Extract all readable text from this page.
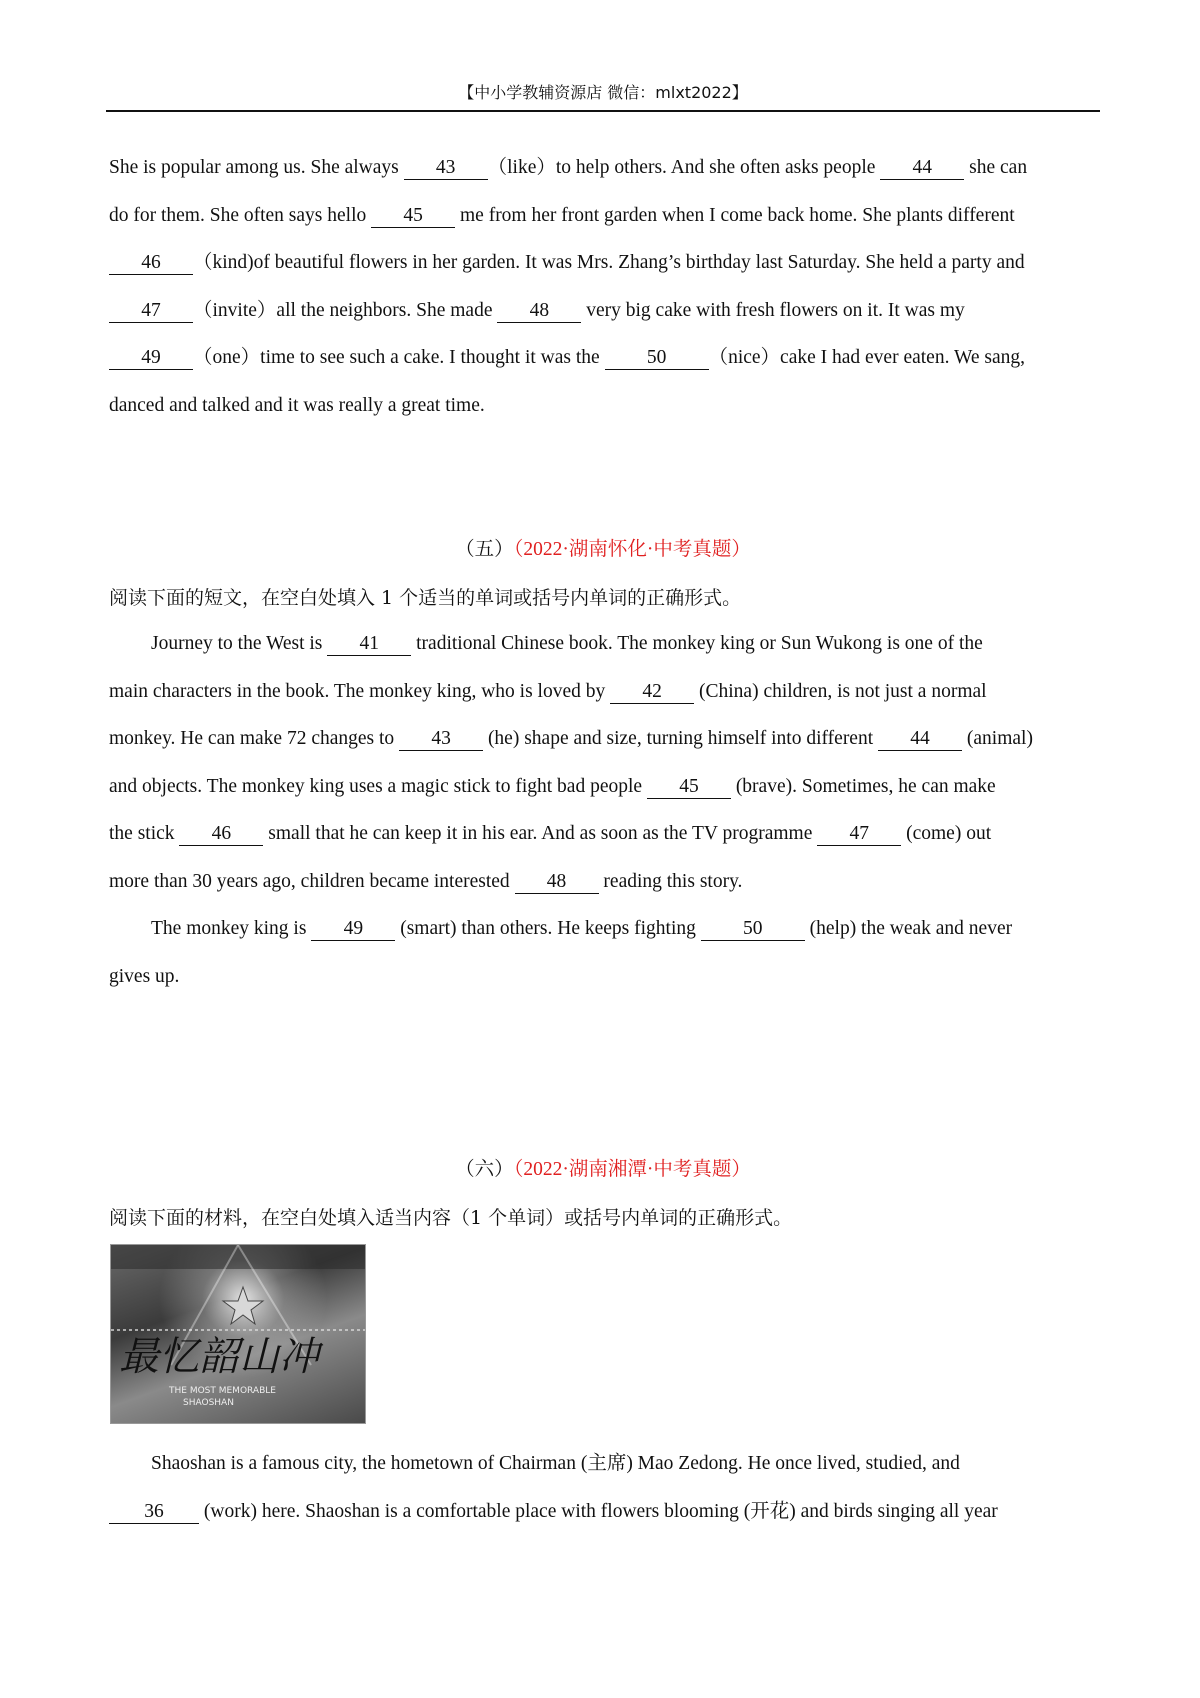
【中小学教辅资源店 微信：mlxt2022】
She is popular among us. She always 43 （like）to help others. And she often asks people 44 she can
do for them. She often says hello 45 me from her front garden when I come back home. She plants different
46 （kind)of beautiful flowers in her garden. It was Mrs. Zhang’s birthday last Saturday. She held a party and
47 （invite）all the neighbors. She made 48 very big cake with fresh flowers on it. It was my
49 （one）time to see such a cake. I thought it was the 50 （nice）cake I had ever eaten. We sang,
danced and talked and it was really a great time.
（五）（2022·湖南怀化·中考真题）
阅读下面的短文，在空白处填入 1 个适当的单词或括号内单词的正确形式。
Journey to the West is 41 traditional Chinese book. The monkey king or Sun Wukong is one of the
main characters in the book. The monkey king, who is loved by 42 (China) children, is not just a normal
monkey. He can make 72 changes to 43 (he) shape and size, turning himself into different 44 (animal)
and objects. The monkey king uses a magic stick to fight bad people 45 (brave). Sometimes, he can make
the stick 46 small that he can keep it in his ear. And as soon as the TV programme 47 (come) out
more than 30 years ago, children became interested 48 reading this story.
The monkey king is 49 (smart) than others. He keeps fighting 50 (help) the weak and never
gives up.
（六）（2022·湖南湘潭·中考真题）
阅读下面的材料，在空白处填入适当内容（1 个单词）或括号内单词的正确形式。
最忆韶山冲
THE MOST MEMORABLE
SHAOSHAN
Shaoshan is a famous city, the hometown of Chairman (主席) Mao Zedong. He once lived, studied, and
36 (work) here. Shaoshan is a comfortable place with flowers blooming (开花) and birds singing all year
